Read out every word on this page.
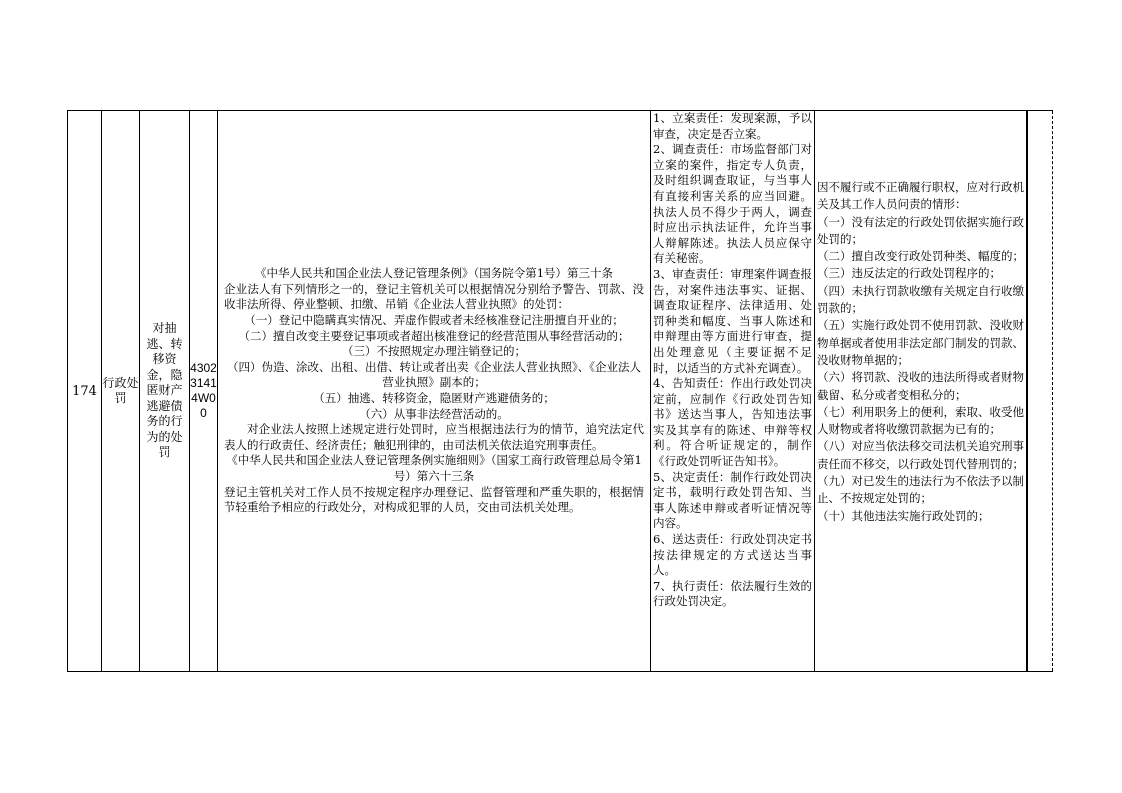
174
行政处罚
对抽逃、转移资金，隐匿财产逃避债务的行为的处罚
43023141 4W00
《中华人民共和国企业法人登记管理条例》（国务院令第1号）第三十条
企业法人有下列情形之一的，登记主管机关可以根据情况分别给予警告、罚款、没收非法所得、停业整顿、扣缴、吊销《企业法人营业执照》的处罚：
（一）登记中隐瞒真实情况、弄虚作假或者未经核准登记注册擅自开业的；
（二）擅自改变主要登记事项或者超出核准登记的经营范围从事经营活动的；
（三）不按照规定办理注销登记的；
（四）伪造、涂改、出租、出借、转让或者出卖《企业法人营业执照》、《企业法人营业执照》副本的；
（五）抽逃、转移资金，隐匿财产逃避债务的；
（六）从事非法经营活动的。
对企业法人按照上述规定进行处罚时，应当根据违法行为的情节，追究法定代表人的行政责任、经济责任；触犯刑律的，由司法机关依法追究刑事责任。
《中华人民共和国企业法人登记管理条例实施细则》（国家工商行政管理总局令第1号）第六十三条
登记主管机关对工作人员不按规定程序办理登记、监督管理和严重失职的，根据情节轻重给予相应的行政处分，对构成犯罪的人员，交由司法机关处理。

1、立案责任：发现案源，予以审查，决定是否立案。

2、调查责任：市场监督部门对立案的案件，指定专人负责，及时组织调查取证，与当事人有直接利害关系的应当回避。执法人员不得少于两人，调查时应出示执法证件，允许当事人辩解陈述。执法人员应保守有关秘密。

3、审查责任：审理案件调查报告，对案件违法事实、证据、调查取证程序、法律适用、处罚种类和幅度、当事人陈述和申辩理由等方面进行审查，提出处理意见（主要证据不足时，以适当的方式补充调查）。

4、告知责任：作出行政处罚决定前，应制作《行政处罚告知书》送达当事人，告知违法事实及其享有的陈述、申辩等权利。符合听证规定的，制作《行政处罚听证告知书》。

5、决定责任：制作行政处罚决定书，载明行政处罚告知、当事人陈述申辩或者听证情况等内容。

6、送达责任：行政处罚决定书按法律规定的方式送达当事人。

7、执行责任：依法履行生效的行政处罚决定。

因不履行或不正确履行职权，应对行政机关及其工作人员问责的情形：

（一）没有法定的行政处罚依据实施行政处罚的；

（二）擅自改变行政处罚种类、幅度的；

（三）违反法定的行政处罚程序的；

（四）未执行罚款收缴有关规定自行收缴罚款的；

（五）实施行政处罚不使用罚款、没收财物单据或者使用非法定部门制发的罚款、没收财物单据的；

（六）将罚款、没收的违法所得或者财物截留、私分或者变相私分的；

（七）利用职务上的便利，索取、收受他人财物或者将收缴罚款据为已有的；

（八）对应当依法移交司法机关追究刑事责任而不移交，以行政处罚代替刑罚的；

（九）对已发生的违法行为不依法予以制止、不按规定处罚的；

（十）其他违法实施行政处罚的；
